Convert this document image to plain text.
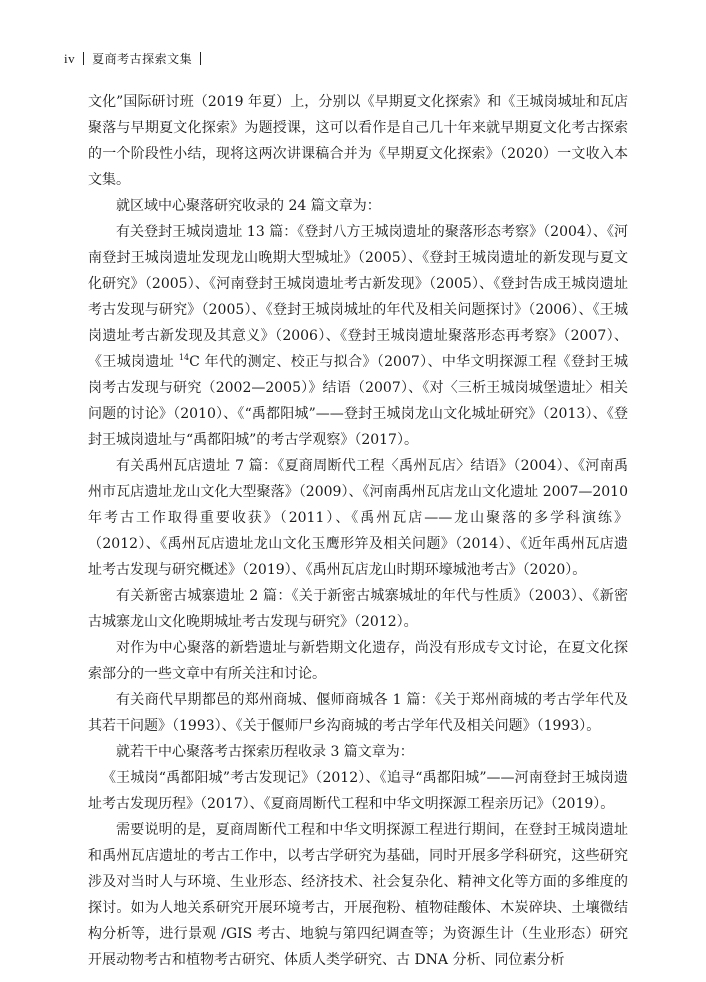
iv 夏商考古探索文集

文化”国际研讨班（2019 年夏）上，分别以《早期夏文化探索》和《王城岗城址和瓦店聚落与早期夏文化探索》为题授课，这可以看作是自己几十年来就早期夏文化考古探索的一个阶段性小结，现将这两次讲课稿合并为《早期夏文化探索》（2020）一文收入本文集。

就区域中心聚落研究收录的 24 篇文章为：

有关登封王城岗遗址 13 篇：《登封八方王城岗遗址的聚落形态考察》（2004）、《河南登封王城岗遗址发现龙山晚期大型城址》（2005）、《登封王城岗遗址的新发现与夏文化研究》（2005）、《河南登封王城岗遗址考古新发现》（2005）、《登封告成王城岗遗址考古发现与研究》（2005）、《登封王城岗城址的年代及相关问题探讨》（2006）、《王城岗遗址考古新发现及其意义》（2006）、《登封王城岗遗址聚落形态再考察》（2007）、《王城岗遗址 $^{14}$C 年代的测定、校正与拟合》（2007）、中华文明探源工程《登封王城岗考古发现与研究（2002—2005）》结语（2007）、《对〈三析王城岗城堡遗址〉相关问题的讨论》（2010）、《“禹都阳城”——登封王城岗龙山文化城址研究》（2013）、《登封王城岗遗址与“禹都阳城”的考古学观察》（2017）。

有关禹州瓦店遗址 7 篇：《夏商周断代工程〈禹州瓦店〉结语》（2004）、《河南禹州市瓦店遗址龙山文化大型聚落》（2009）、《河南禹州瓦店龙山文化遗址 2007—2010 年考古工作取得重要收获》（2011）、《禹州瓦店——龙山聚落的多学科演练》（2012）、《禹州瓦店遗址龙山文化玉鹰形笄及相关问题》（2014）、《近年禹州瓦店遗址考古发现与研究概述》（2019）、《禹州瓦店龙山时期环壕城池考古》（2020）。

有关新密古城寨遗址 2 篇：《关于新密古城寨城址的年代与性质》（2003）、《新密古城寨龙山文化晚期城址考古发现与研究》（2012）。

对作为中心聚落的新砦遗址与新砦期文化遗存，尚没有形成专文讨论，在夏文化探索部分的一些文章中有所关注和讨论。

有关商代早期都邑的郑州商城、偃师商城各 1 篇：《关于郑州商城的考古学年代及其若干问题》（1993）、《关于偃师尸乡沟商城的考古学年代及相关问题》（1993）。

就若干中心聚落考古探索历程收录 3 篇文章为：

《王城岗“禹都阳城”考古发现记》（2012）、《追寻“禹都阳城”——河南登封王城岗遗址考古发现历程》（2017）、《夏商周断代工程和中华文明探源工程亲历记》（2019）。

需要说明的是，夏商周断代工程和中华文明探源工程进行期间，在登封王城岗遗址和禹州瓦店遗址的考古工作中，以考古学研究为基础，同时开展多学科研究，这些研究涉及对当时人与环境、生业形态、经济技术、社会复杂化、精神文化等方面的多维度的探讨。如为人地关系研究开展环境考古，开展孢粉、植物硅酸体、木炭碎块、土壤微结构分析等，进行景观 /GIS 考古、地貌与第四纪调查等；为资源生计（生业形态）研究开展动物考古和植物考古研究、体质人类学研究、古 DNA 分析、同位素分析
